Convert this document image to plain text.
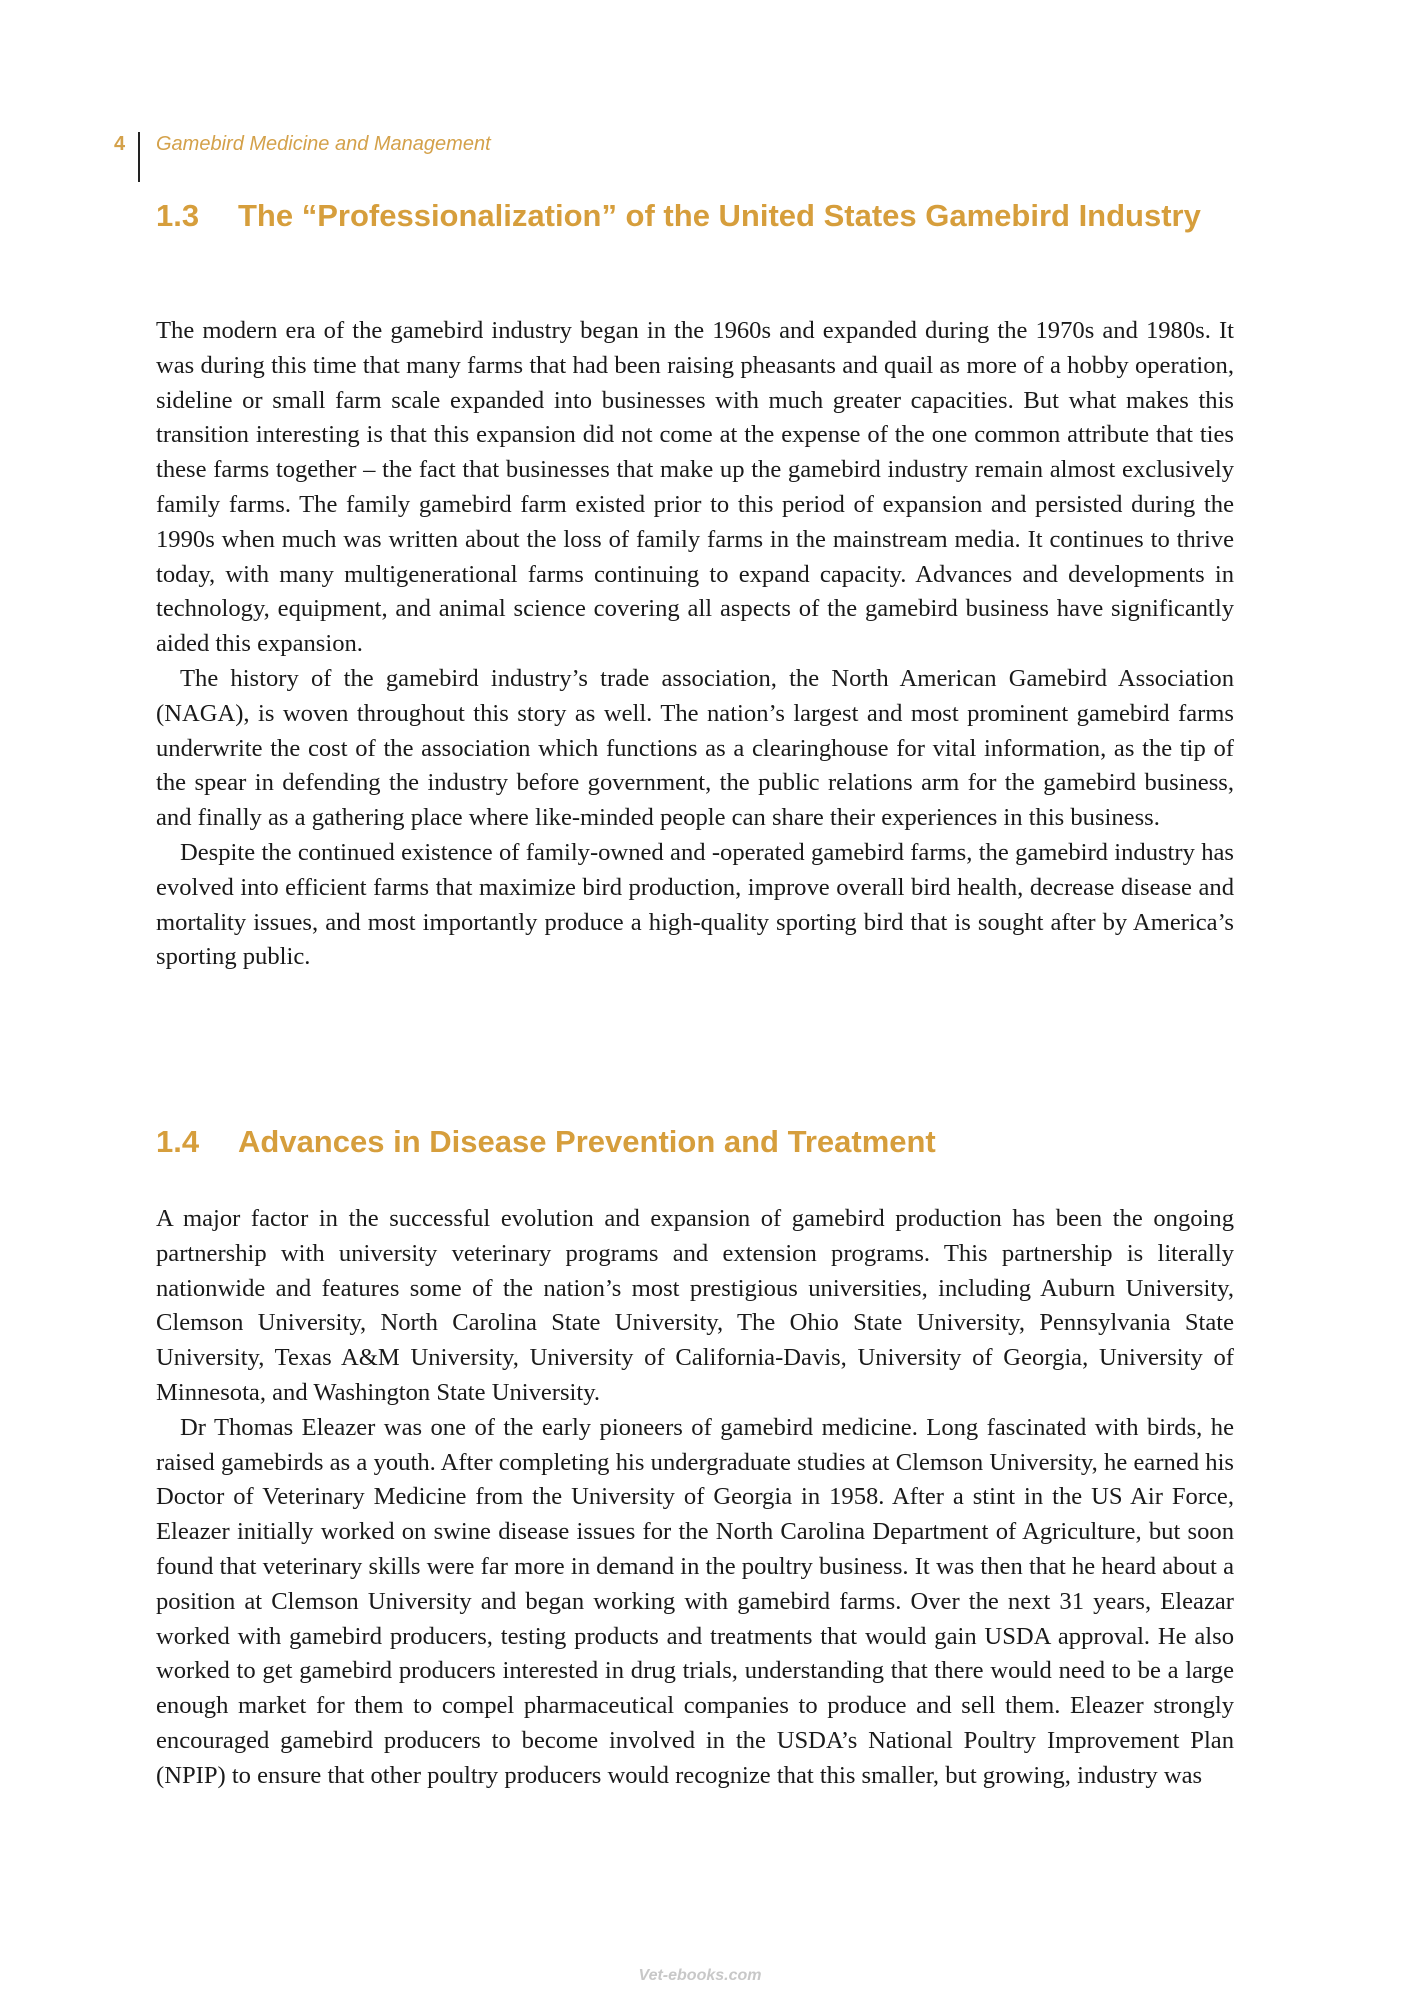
4	Gamebird Medicine and Management
1.3 The “Professionalization” of the United States Gamebird Industry

The modern era of the gamebird industry began in the 1960s and expanded during the 1970s and 1980s. It was during this time that many farms that had been raising pheasants and quail as more of a hobby operation, sideline or small farm scale expanded into businesses with much greater capacities. But what makes this transition interesting is that this expansion did not come at the expense of the one common attribute that ties these farms together – the fact that businesses that make up the gamebird industry remain almost exclusively family farms. The family gamebird farm existed prior to this period of expansion and persisted during the 1990s when much was written about the loss of family farms in the mainstream media. It continues to thrive today, with many multigenerational farms continuing to expand capacity. Advances and developments in technology, equipment, and animal science covering all aspects of the gamebird business have significantly aided this expansion.

The history of the gamebird industry’s trade association, the North American Gamebird Association (NAGA), is woven throughout this story as well. The nation’s largest and most prominent gamebird farms underwrite the cost of the association which functions as a clearinghouse for vital information, as the tip of the spear in defending the industry before government, the public relations arm for the gamebird business, and finally as a gathering place where like-minded people can share their experiences in this business.

Despite the continued existence of family-owned and -operated gamebird farms, the gamebird industry has evolved into efficient farms that maximize bird production, improve overall bird health, decrease disease and mortality issues, and most importantly produce a high-quality sporting bird that is sought after by America’s sporting public.

1.4 Advances in Disease Prevention and Treatment

A major factor in the successful evolution and expansion of gamebird production has been the ongoing partnership with university veterinary programs and extension programs. This partnership is literally nationwide and features some of the nation’s most prestigious universities, including Auburn University, Clemson University, North Carolina State University, The Ohio State University, Pennsylvania State University, Texas A&M University, University of California-Davis, University of Georgia, University of Minnesota, and Washington State University.

Dr Thomas Eleazer was one of the early pioneers of gamebird medicine. Long fascinated with birds, he raised gamebirds as a youth. After completing his undergraduate studies at Clemson University, he earned his Doctor of Veterinary Medicine from the University of Georgia in 1958. After a stint in the US Air Force, Eleazer initially worked on swine disease issues for the North Carolina Department of Agriculture, but soon found that veterinary skills were far more in demand in the poultry business. It was then that he heard about a position at Clemson University and began working with gamebird farms. Over the next 31 years, Eleazar worked with gamebird producers, testing products and treatments that would gain USDA approval. He also worked to get gamebird producers interested in drug trials, understanding that there would need to be a large enough market for them to compel pharmaceutical companies to produce and sell them. Eleazer strongly encouraged gamebird producers to become involved in the USDA’s National Poultry Improvement Plan (NPIP) to ensure that other poultry producers would recognize that this smaller, but growing, industry was

Vet-ebooks.com
